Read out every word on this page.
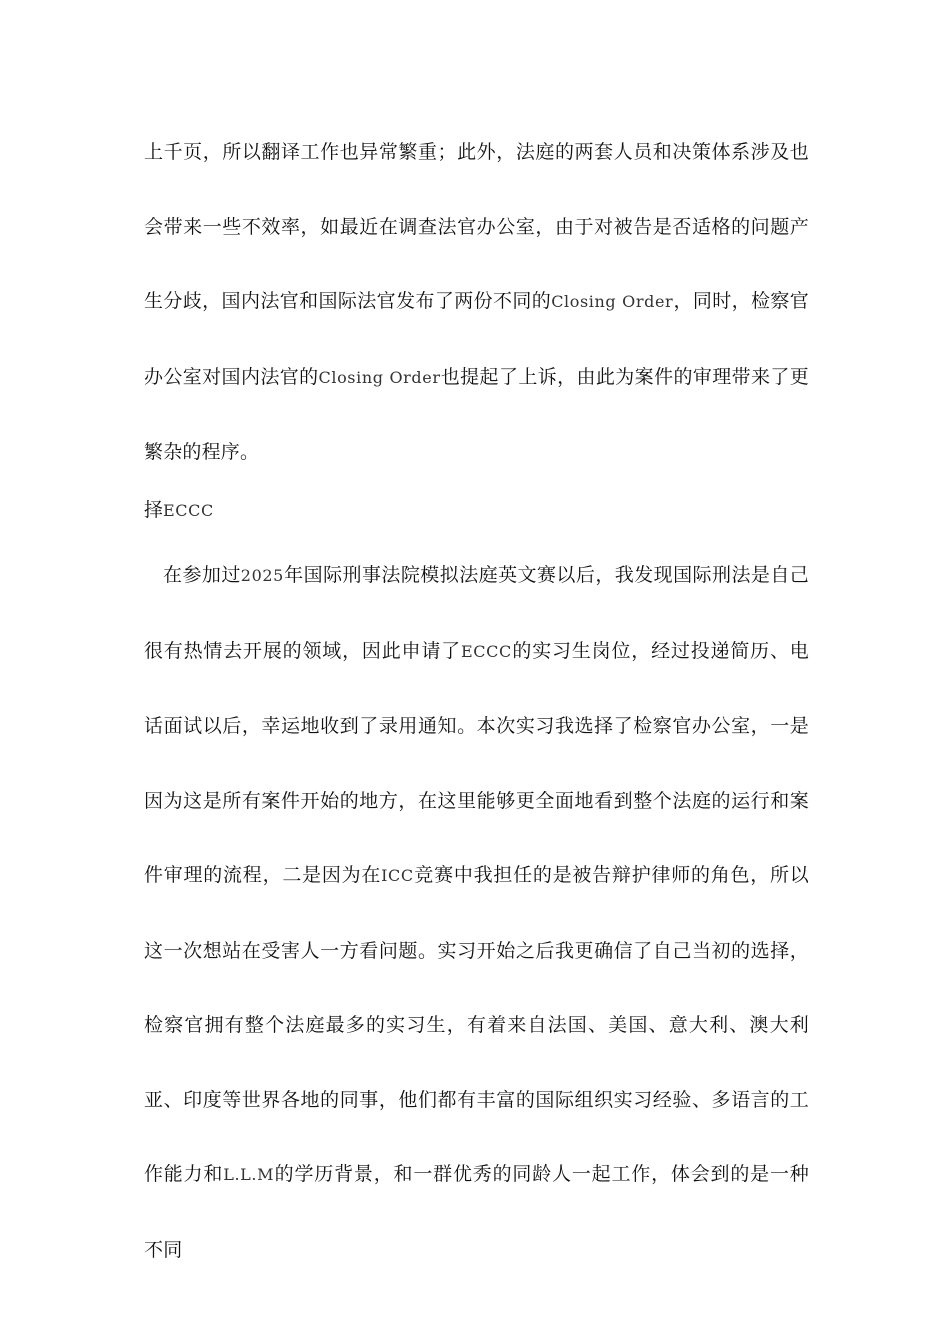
上千页，所以翻译工作也异常繁重；此外，法庭的两套人员和决策体系涉及也会带来一些不效率，如最近在调查法官办公室，由于对被告是否适格的问题产生分歧，国内法官和国际法官发布了两份不同的Closing Order，同时，检察官办公室对国内法官的Closing Order也提起了上诉，由此为案件的审理带来了更繁杂的程序。

择ECCC

在参加过2025年国际刑事法院模拟法庭英文赛以后，我发现国际刑法是自己很有热情去开展的领域，因此申请了ECCC的实习生岗位，经过投递简历、电话面试以后，幸运地收到了录用通知。本次实习我选择了检察官办公室，一是因为这是所有案件开始的地方，在这里能够更全面地看到整个法庭的运行和案件审理的流程，二是因为在ICC竞赛中我担任的是被告辩护律师的角色，所以这一次想站在受害人一方看问题。实习开始之后我更确信了自己当初的选择，检察官拥有整个法庭最多的实习生，有着来自法国、美国、意大利、澳大利亚、印度等世界各地的同事，他们都有丰富的国际组织实习经验、多语言的工作能力和L.L.M的学历背景，和一群优秀的同龄人一起工作，体会到的是一种不同
